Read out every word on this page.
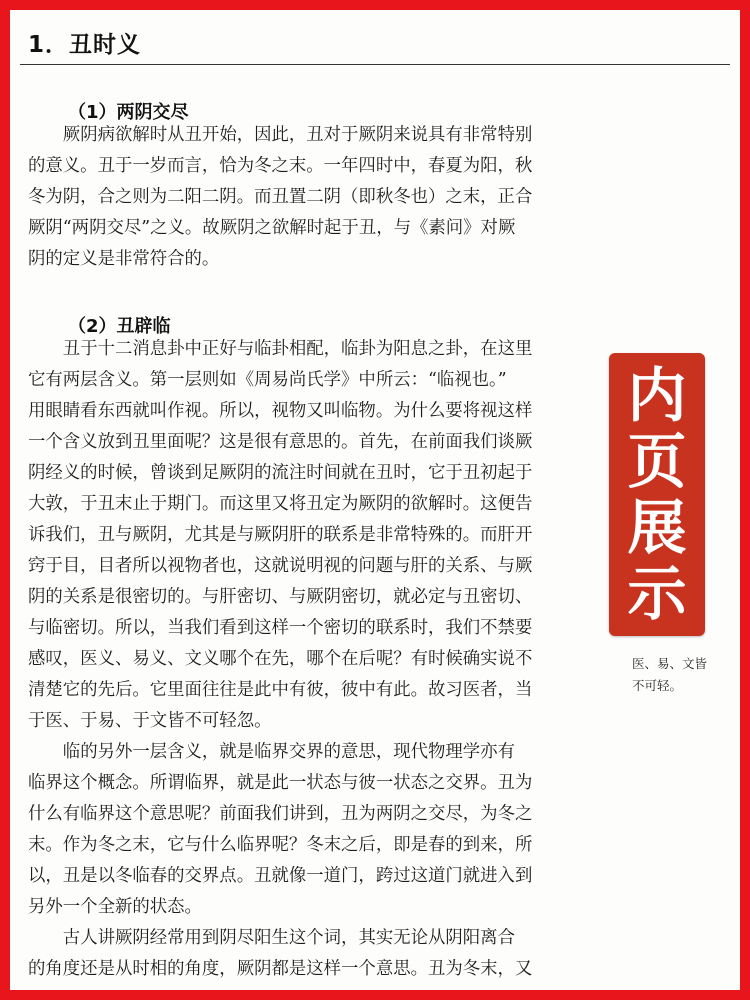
1．丑时义
（1）两阴交尽
厥阴病欲解时从丑开始，因此，丑对于厥阴来说具有非常特别
的意义。丑于一岁而言，恰为冬之末。一年四时中，春夏为阳，秋
冬为阴，合之则为二阳二阴。而丑置二阴（即秋冬也）之末，正合
厥阴“两阴交尽”之义。故厥阴之欲解时起于丑，与《素问》对厥
阴的定义是非常符合的。
（2）丑辟临
丑于十二消息卦中正好与临卦相配，临卦为阳息之卦，在这里
它有两层含义。第一层则如《周易尚氏学》中所云：“临视也。”
用眼睛看东西就叫作视。所以，视物又叫临物。为什么要将视这样
一个含义放到丑里面呢？这是很有意思的。首先，在前面我们谈厥
阴经义的时候，曾谈到足厥阴的流注时间就在丑时，它于丑初起于
大敦，于丑末止于期门。而这里又将丑定为厥阴的欲解时。这便告
诉我们，丑与厥阴，尤其是与厥阴肝的联系是非常特殊的。而肝开
窍于目，目者所以视物者也，这就说明视的问题与肝的关系、与厥
阴的关系是很密切的。与肝密切、与厥阴密切，就必定与丑密切、
与临密切。所以，当我们看到这样一个密切的联系时，我们不禁要
感叹，医义、易义、文义哪个在先，哪个在后呢？有时候确实说不
清楚它的先后。它里面往往是此中有彼，彼中有此。故习医者，当
于医、于易、于文皆不可轻忽。
临的另外一层含义，就是临界交界的意思，现代物理学亦有
临界这个概念。所谓临界，就是此一状态与彼一状态之交界。丑为
什么有临界这个意思呢？前面我们讲到，丑为两阴之交尽，为冬之
末。作为冬之末，它与什么临界呢？冬末之后，即是春的到来，所
以，丑是以冬临春的交界点。丑就像一道门，跨过这道门就进入到
另外一个全新的状态。
古人讲厥阴经常用到阴尽阳生这个词，其实无论从阴阳离合
的角度还是从时相的角度，厥阴都是这样一个意思。丑为冬末，又
医、易、文皆
不可轻。
内
页
展
示
